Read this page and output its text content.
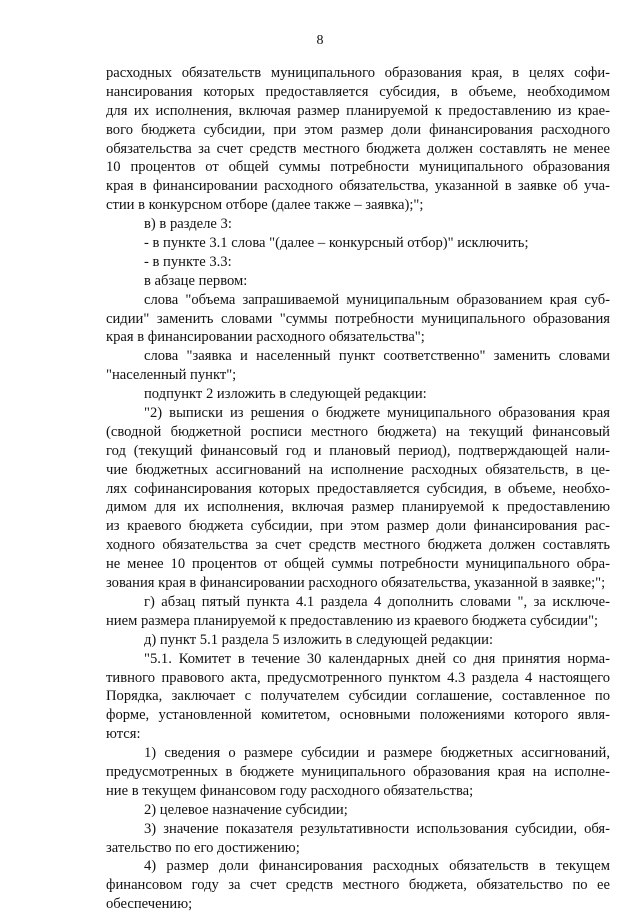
8
расходных обязательств муниципального образования края, в целях софи-
нансирования которых предоставляется субсидия, в объеме, необходимом
для их исполнения, включая размер планируемой к предоставлению из крае-
вого бюджета субсидии, при этом размер доли финансирования расходного
обязательства за счет средств местного бюджета должен составлять не менее
10 процентов от общей суммы потребности муниципального образования
края в финансировании расходного обязательства, указанной в заявке об уча-
стии в конкурсном отборе (далее также – заявка);";
в) в разделе 3:
- в пункте 3.1 слова "(далее – конкурсный отбор)" исключить;
- в пункте 3.3:
в абзаце первом:
слова "объема запрашиваемой муниципальным образованием края суб-
сидии" заменить словами "суммы потребности муниципального образования
края в финансировании расходного обязательства";
слова "заявка и населенный пункт соответственно" заменить словами
"населенный пункт";
подпункт 2 изложить в следующей редакции:
"2) выписки из решения о бюджете муниципального образования края
(сводной бюджетной росписи местного бюджета) на текущий финансовый
год (текущий финансовый год и плановый период), подтверждающей нали-
чие бюджетных ассигнований на исполнение расходных обязательств, в це-
лях софинансирования которых предоставляется субсидия, в объеме, необхо-
димом для их исполнения, включая размер планируемой к предоставлению
из краевого бюджета субсидии, при этом размер доли финансирования рас-
ходного обязательства за счет средств местного бюджета должен составлять
не менее 10 процентов от общей суммы потребности муниципального обра-
зования края в финансировании расходного обязательства, указанной в заявке;";
г) абзац пятый пункта 4.1 раздела 4 дополнить словами ", за исключе-
нием размера планируемой к предоставлению из краевого бюджета субсидии";
д) пункт 5.1 раздела 5 изложить в следующей редакции:
"5.1. Комитет в течение 30 календарных дней со дня принятия норма-
тивного правового акта, предусмотренного пунктом 4.3 раздела 4 настоящего
Порядка, заключает с получателем субсидии соглашение, составленное по
форме, установленной комитетом, основными положениями которого явля-
ются:
1) сведения о размере субсидии и размере бюджетных ассигнований,
предусмотренных в бюджете муниципального образования края на исполне-
ние в текущем финансовом году расходного обязательства;
2) целевое назначение субсидии;
3) значение показателя результативности использования субсидии, обя-
зательство по его достижению;
4) размер доли финансирования расходных обязательств в текущем
финансовом году за счет средств местного бюджета, обязательство по ее
обеспечению;
